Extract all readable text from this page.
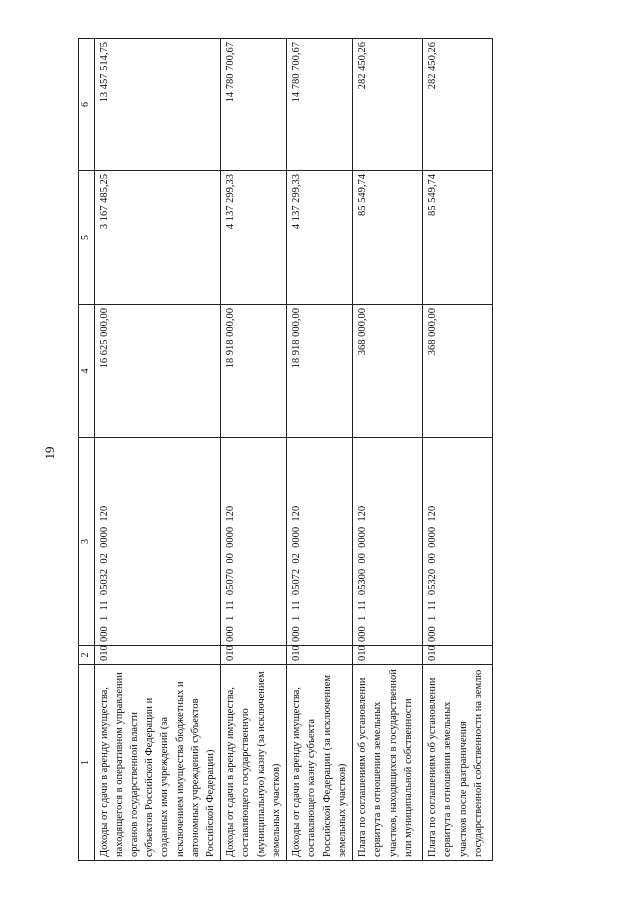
19
1	2	3	4	5	6
Доходы от сдачи в аренду имущества, находящегося в оперативном управлении органов государственной власти субъектов Российской Федерации и созданных ими учреждений (за исключением имущества бюджетных и автономных учреждений субъектов Российской Федерации)	010	000  1  11  05032  02  0000  120	16 625 000,00	3 167 485,25	13 457 514,75
Доходы от сдачи в аренду имущества, составляющего государственную (муниципальную) казну (за исключением земельных участков)	010	000  1  11  05070  00  0000  120	18 918 000,00	4 137 299,33	14 780 700,67
Доходы от сдачи в аренду имущества, составляющего казну субъекта Российской Федерации (за исключением земельных участков)	010	000  1  11  05072  02  0000  120	18 918 000,00	4 137 299,33	14 780 700,67
Плата по соглашениям об установлении сервитута в отношении земельных участков, находящихся в государственной или муниципальной собственности	010	000  1  11  05300  00  0000  120	368 000,00	85 549,74	282 450,26
Плата по соглашениям об установлении сервитута в отношении земельных участков после разграничения государственной собственности на землю	010	000  1  11  05320  00  0000  120	368 000,00	85 549,74	282 450,26
